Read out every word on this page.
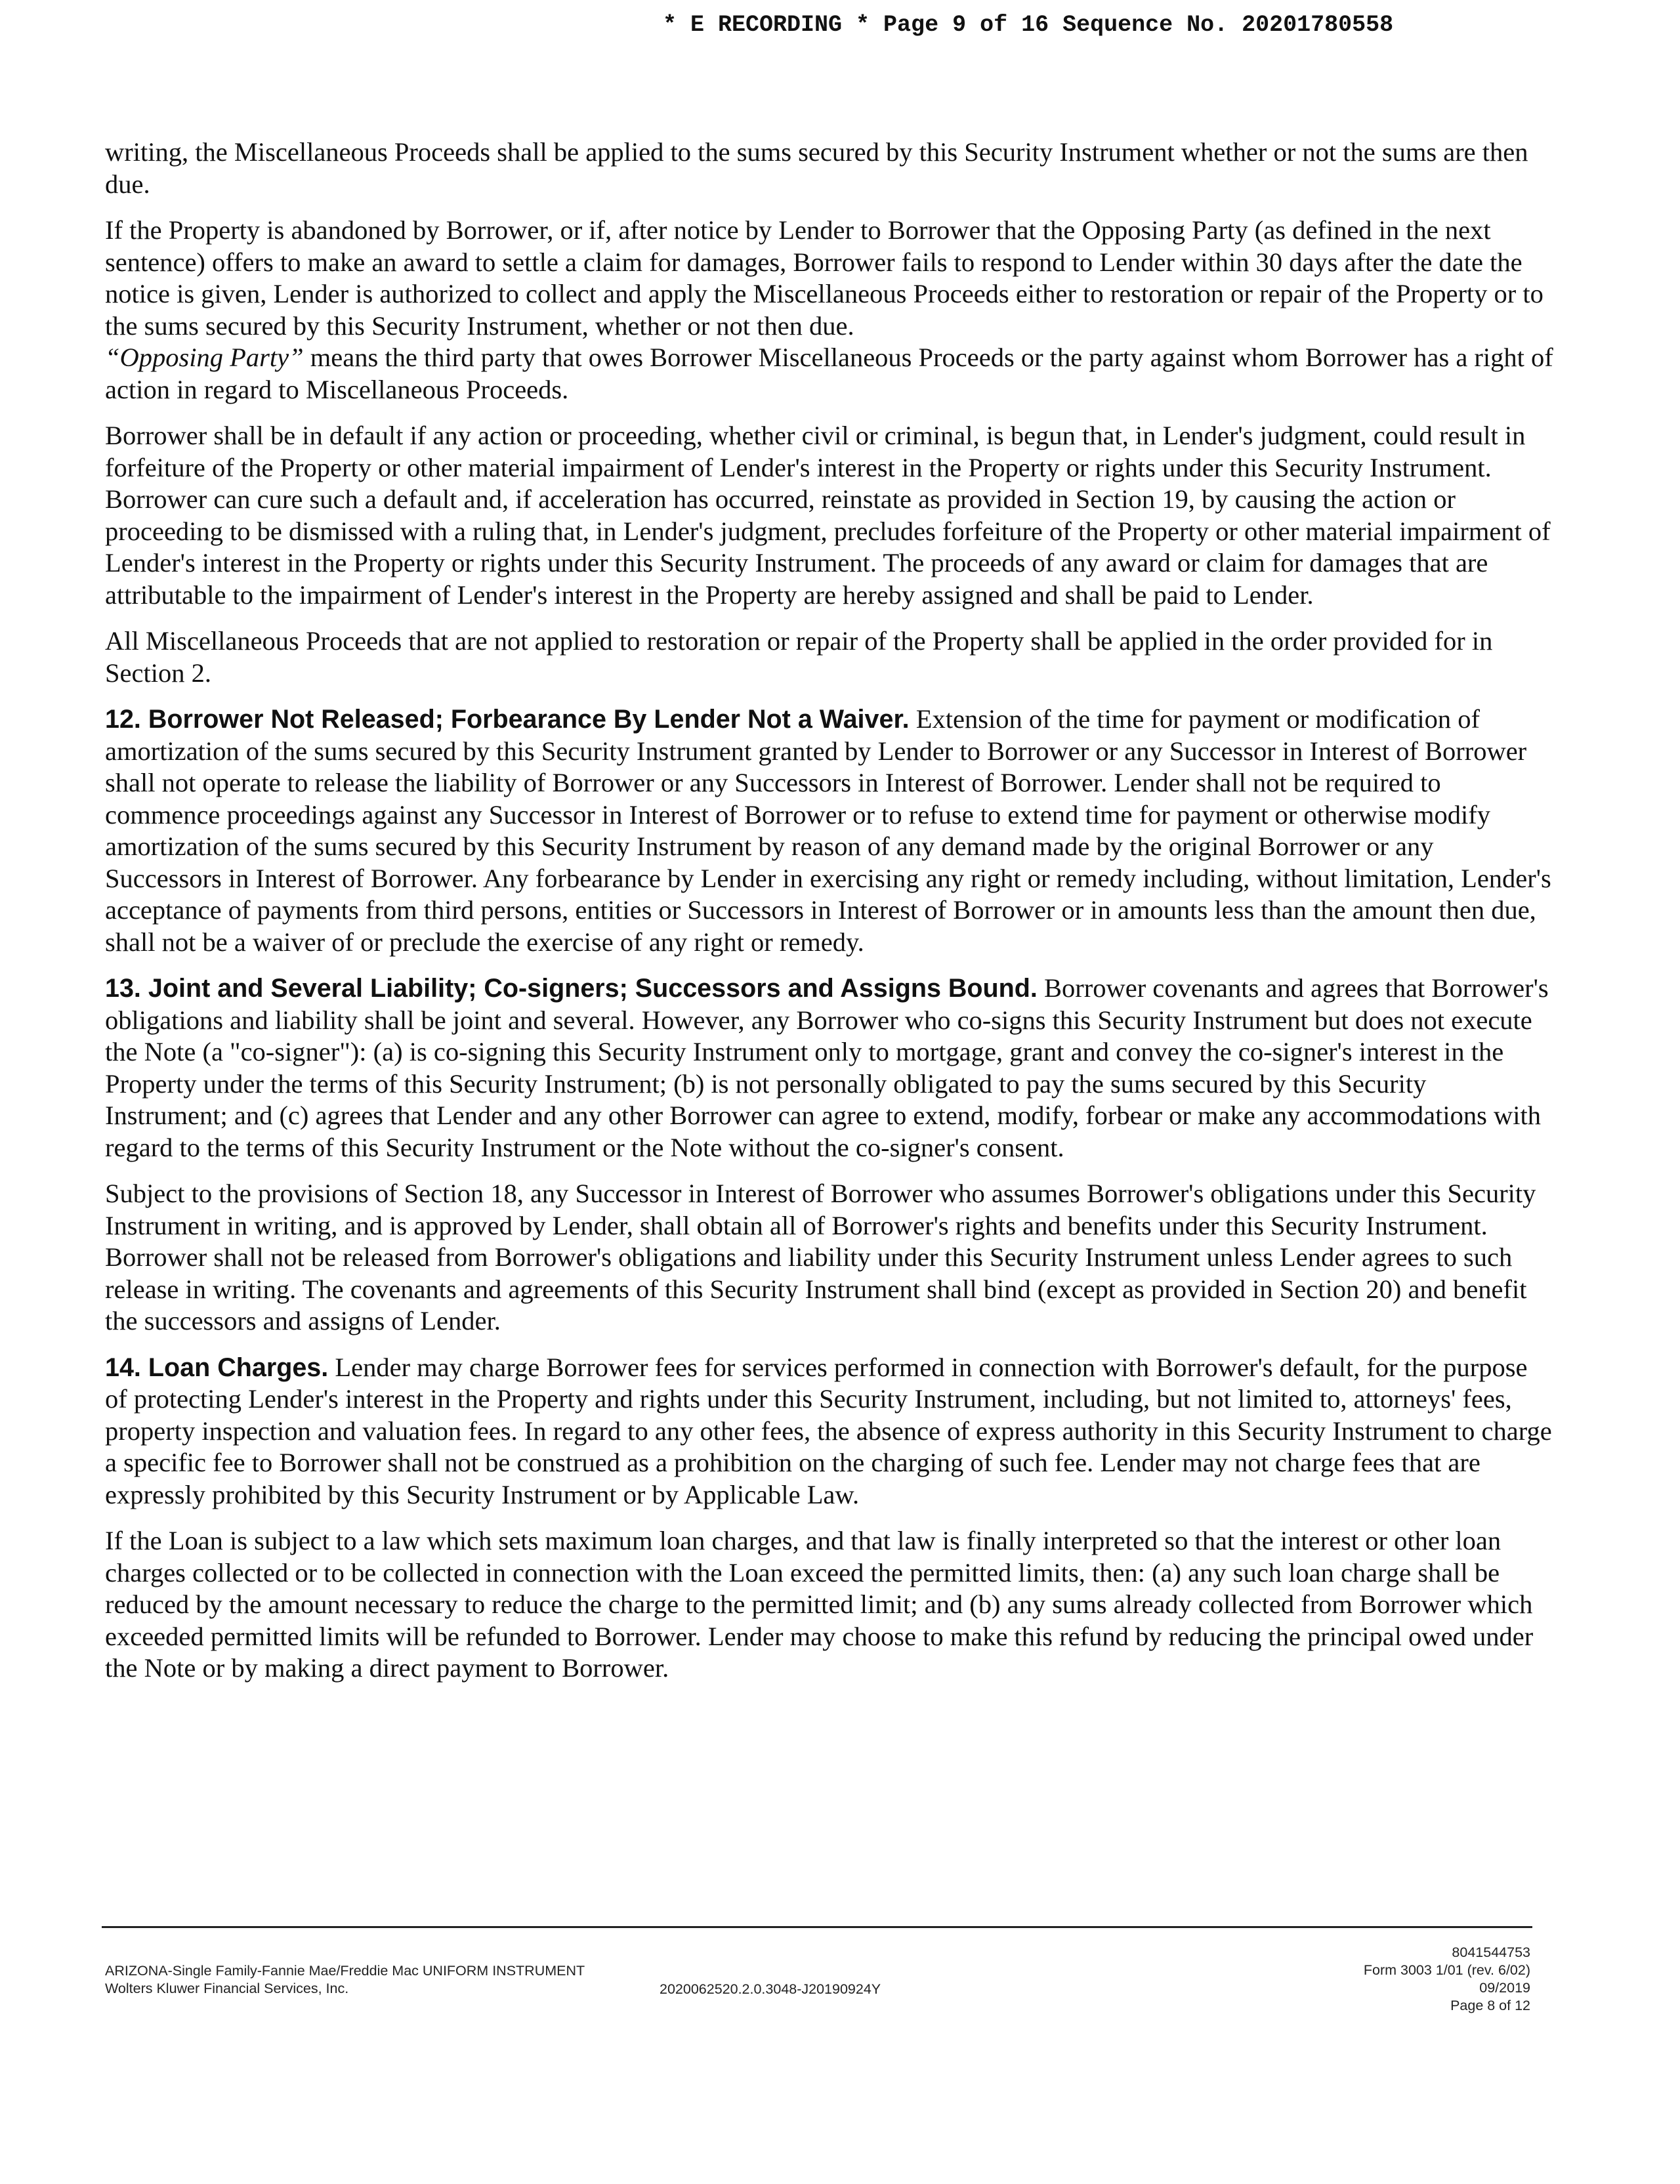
* E RECORDING * Page 9 of 16 Sequence No. 20201780558

writing, the Miscellaneous Proceeds shall be applied to the sums secured by this Security Instrument whether or not the sums are then due.

If the Property is abandoned by Borrower, or if, after notice by Lender to Borrower that the Opposing Party (as defined in the next sentence) offers to make an award to settle a claim for damages, Borrower fails to respond to Lender within 30 days after the date the notice is given, Lender is authorized to collect and apply the Miscellaneous Proceeds either to restoration or repair of the Property or to the sums secured by this Security Instrument, whether or not then due.
“Opposing Party” means the third party that owes Borrower Miscellaneous Proceeds or the party against whom Borrower has a right of action in regard to Miscellaneous Proceeds.

Borrower shall be in default if any action or proceeding, whether civil or criminal, is begun that, in Lender's judgment, could result in forfeiture of the Property or other material impairment of Lender's interest in the Property or rights under this Security Instrument. Borrower can cure such a default and, if acceleration has occurred, reinstate as provided in Section 19, by causing the action or proceeding to be dismissed with a ruling that, in Lender's judgment, precludes forfeiture of the Property or other material impairment of Lender's interest in the Property or rights under this Security Instrument. The proceeds of any award or claim for damages that are attributable to the impairment of Lender's interest in the Property are hereby assigned and shall be paid to Lender.

All Miscellaneous Proceeds that are not applied to restoration or repair of the Property shall be applied in the order provided for in Section 2.

12. Borrower Not Released; Forbearance By Lender Not a Waiver. Extension of the time for payment or modification of amortization of the sums secured by this Security Instrument granted by Lender to Borrower or any Successor in Interest of Borrower shall not operate to release the liability of Borrower or any Successors in Interest of Borrower. Lender shall not be required to commence proceedings against any Successor in Interest of Borrower or to refuse to extend time for payment or otherwise modify amortization of the sums secured by this Security Instrument by reason of any demand made by the original Borrower or any Successors in Interest of Borrower. Any forbearance by Lender in exercising any right or remedy including, without limitation, Lender's acceptance of payments from third persons, entities or Successors in Interest of Borrower or in amounts less than the amount then due, shall not be a waiver of or preclude the exercise of any right or remedy.

13. Joint and Several Liability; Co-signers; Successors and Assigns Bound. Borrower covenants and agrees that Borrower's obligations and liability shall be joint and several. However, any Borrower who co-signs this Security Instrument but does not execute the Note (a "co-signer"): (a) is co-signing this Security Instrument only to mortgage, grant and convey the co-signer's interest in the Property under the terms of this Security Instrument; (b) is not personally obligated to pay the sums secured by this Security Instrument; and (c) agrees that Lender and any other Borrower can agree to extend, modify, forbear or make any accommodations with regard to the terms of this Security Instrument or the Note without the co-signer's consent.

Subject to the provisions of Section 18, any Successor in Interest of Borrower who assumes Borrower's obligations under this Security Instrument in writing, and is approved by Lender, shall obtain all of Borrower's rights and benefits under this Security Instrument. Borrower shall not be released from Borrower's obligations and liability under this Security Instrument unless Lender agrees to such release in writing. The covenants and agreements of this Security Instrument shall bind (except as provided in Section 20) and benefit the successors and assigns of Lender.

14. Loan Charges. Lender may charge Borrower fees for services performed in connection with Borrower's default, for the purpose of protecting Lender's interest in the Property and rights under this Security Instrument, including, but not limited to, attorneys' fees, property inspection and valuation fees. In regard to any other fees, the absence of express authority in this Security Instrument to charge a specific fee to Borrower shall not be construed as a prohibition on the charging of such fee. Lender may not charge fees that are expressly prohibited by this Security Instrument or by Applicable Law.

If the Loan is subject to a law which sets maximum loan charges, and that law is finally interpreted so that the interest or other loan charges collected or to be collected in connection with the Loan exceed the permitted limits, then: (a) any such loan charge shall be reduced by the amount necessary to reduce the charge to the permitted limit; and (b) any sums already collected from Borrower which exceeded permitted limits will be refunded to Borrower. Lender may choose to make this refund by reducing the principal owed under the Note or by making a direct payment to Borrower.

ARIZONA-Single Family-Fannie Mae/Freddie Mac UNIFORM INSTRUMENT
Wolters Kluwer Financial Services, Inc.	2020062520.2.0.3048-J20190924Y
8041544753
Form 3003 1/01 (rev. 6/02)
09/2019
Page 8 of 12
